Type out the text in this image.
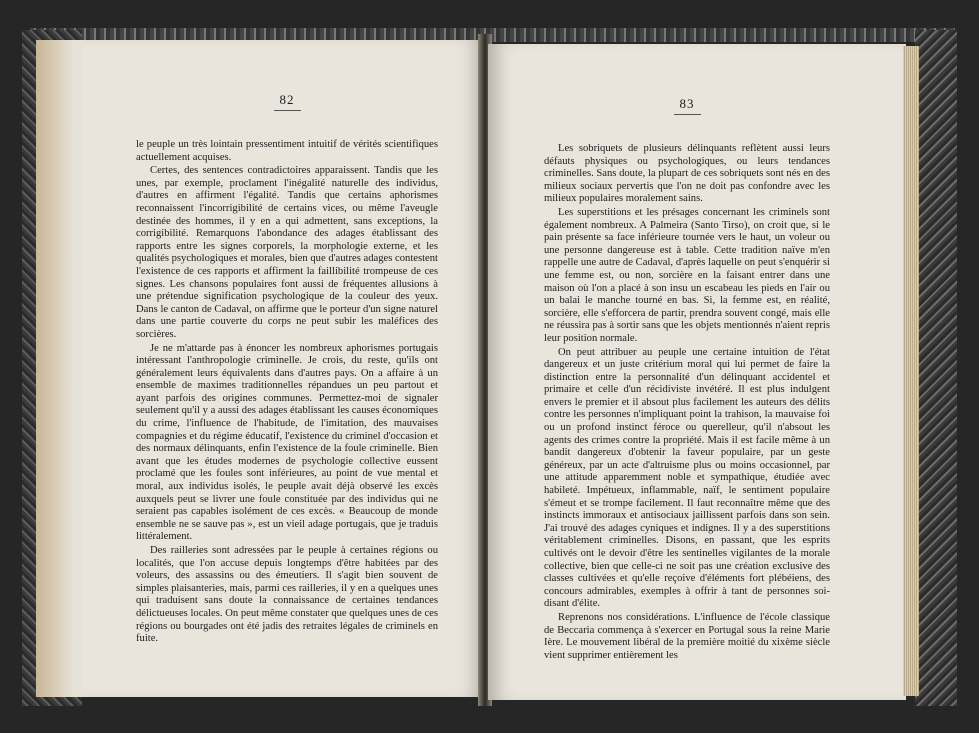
82

le peuple un très lointain pressentiment intuitif de vérités scientifiques actuellement acquises.

Certes, des sentences contradictoires apparaissent. Tandis que les unes, par exemple, proclament l'inégalité naturelle des individus, d'autres en affirment l'égalité. Tandis que certains aphorismes reconnaissent l'incorrigibilité de certains vices, ou même l'aveugle destinée des hommes, il y en a qui admettent, sans exceptions, la corrigibilité. Remarquons l'abondance des adages établissant des rapports entre les signes corporels, la morphologie externe, et les qualités psychologiques et morales, bien que d'autres adages contestent l'existence de ces rapports et affirment la faillibilité trompeuse de ces signes. Les chansons populaires font aussi de fréquentes allusions à une prétendue signification psychologique de la couleur des yeux. Dans le canton de Cadaval, on affirme que le porteur d'un signe naturel dans une partie couverte du corps ne peut subir les maléfices des sorcières.

Je ne m'attarde pas à énoncer les nombreux aphorismes portugais intéressant l'anthropologie criminelle. Je crois, du reste, qu'ils ont généralement leurs équivalents dans d'autres pays. On a affaire à un ensemble de maximes traditionnelles répandues un peu partout et ayant parfois des origines communes. Permettez-moi de signaler seulement qu'il y a aussi des adages établissant les causes économiques du crime, l'influence de l'habitude, de l'imitation, des mauvaises compagnies et du régime éducatif, l'existence du criminel d'occasion et des normaux délinquants, enfin l'existence de la foule criminelle. Bien avant que les études modernes de psychologie collective eussent proclamé que les foules sont inférieures, au point de vue mental et moral, aux individus isolés, le peuple avait déjà observé les excès auxquels peut se livrer une foule constituée par des individus qui ne seraient pas capables isolément de ces excès. « Beaucoup de monde ensemble ne se sauve pas », est un vieil adage portugais, que je traduis littéralement.

Des railleries sont adressées par le peuple à certaines régions ou localités, que l'on accuse depuis longtemps d'être habitées par des voleurs, des assassins ou des émeutiers. Il s'agit bien souvent de simples plaisanteries, mais, parmi ces railleries, il y en a quelques unes qui traduisent sans doute la connaissance de certaines tendances délictueuses locales. On peut même constater que quelques unes de ces régions ou bourgades ont été jadis des retraites légales de criminels en fuite.

83

Les sobriquets de plusieurs délinquants reflètent aussi leurs défauts physiques ou psychologiques, ou leurs tendances criminelles. Sans doute, la plupart de ces sobriquets sont nés en des milieux sociaux pervertis que l'on ne doit pas confondre avec les milieux populaires moralement sains.

Les superstitions et les présages concernant les criminels sont également nombreux. A Palmeira (Santo Tirso), on croit que, si le pain présente sa face inférieure tournée vers le haut, un voleur ou une personne dangereuse est à table. Cette tradition naïve m'en rappelle une autre de Cadaval, d'après laquelle on peut s'enquérir si une femme est, ou non, sorcière en la faisant entrer dans une maison où l'on a placé à son insu un escabeau les pieds en l'air ou un balai le manche tourné en bas. Si, la femme est, en réalité, sorcière, elle s'efforcera de partir, prendra souvent congé, mais elle ne réussira pas à sortir sans que les objets mentionnés n'aient repris leur position normale.

On peut attribuer au peuple une certaine intuition de l'état dangereux et un juste critérium moral qui lui permet de faire la distinction entre la personnalité d'un délinquant accidentel et primaire et celle d'un récidiviste invétéré. Il est plus indulgent envers le premier et il absout plus facilement les auteurs des délits contre les personnes n'impliquant point la trahison, la mauvaise foi ou un profond instinct féroce ou querelleur, qu'il n'absout les agents des crimes contre la propriété. Mais il est facile même à un bandit dangereux d'obtenir la faveur populaire, par un geste généreux, par un acte d'altruisme plus ou moins occasionnel, par une attitude apparemment noble et sympathique, étudiée avec habileté. Impétueux, inflammable, naïf, le sentiment populaire s'émeut et se trompe facilement. Il faut reconnaître même que des instincts immoraux et antisociaux jaillissent parfois dans son sein. J'ai trouvé des adages cyniques et indignes. Il y a des superstitions véritablement criminelles. Disons, en passant, que les esprits cultivés ont le devoir d'être les sentinelles vigilantes de la morale collective, bien que celle-ci ne soit pas une création exclusive des classes cultivées et qu'elle reçoive d'éléments fort plébéiens, des concours admirables, exemples à offrir à tant de personnes soi-disant d'élite.

Reprenons nos considérations. L'influence de l'école classique de Beccaria commença à s'exercer en Portugal sous la reine Marie Ière. Le mouvement libéral de la première moitié du xixème siècle vient supprimer entièrement les
